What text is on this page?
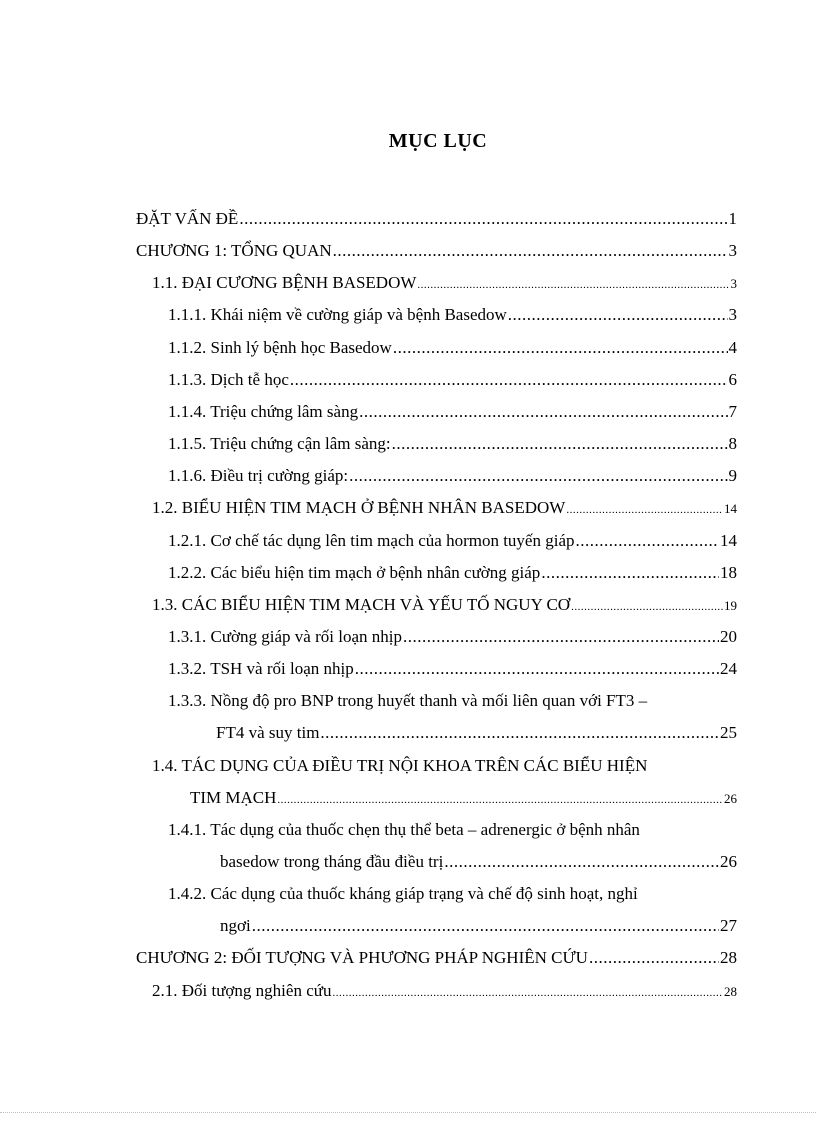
MỤC LỤC
ĐẶT VẤN ĐỀ .....	1
CHƯƠNG 1: TỔNG QUAN .....	3
1.1. ĐẠI CƯƠNG BỆNH BASEDOW .....	3
1.1.1. Khái niệm về cường giáp và bệnh Basedow .....	3
1.1.2. Sinh lý bệnh học Basedow .....	4
1.1.3. Dịch tễ học .....	6
1.1.4. Triệu chứng lâm sàng .....	7
1.1.5. Triệu chứng cận lâm sàng: .....	8
1.1.6. Điều trị cường giáp: .....	9
1.2. BIỂU HIỆN TIM MẠCH Ở BỆNH NHÂN BASEDOW .....	14
1.2.1. Cơ chế tác dụng lên tim mạch của hormon tuyến giáp .....	14
1.2.2. Các biểu hiện tim mạch ở bệnh nhân cường giáp .....	18
1.3. CÁC BIỂU HIỆN TIM MẠCH VÀ YẾU TỐ NGUY CƠ .....	19
1.3.1. Cường giáp và rối loạn nhịp .....	20
1.3.2. TSH và rối loạn nhịp .....	24
1.3.3. Nồng độ pro BNP trong huyết thanh và mối liên quan với FT3 –
FT4 và suy tim .....	25
1.4. TÁC DỤNG CỦA ĐIỀU TRỊ NỘI KHOA TRÊN CÁC BIỂU HIỆN
TIM MẠCH .....	26
1.4.1. Tác dụng của thuốc chẹn thụ thể beta – adrenergic ở bệnh nhân
basedow trong tháng đầu điều trị .....	26
1.4.2. Các dụng của thuốc kháng giáp trạng và chế độ sinh hoạt, nghỉ
ngơi .....	27
CHƯƠNG 2: ĐỐI TƯỢNG VÀ PHƯƠNG PHÁP NGHIÊN CỨU .....	28
2.1. Đối tượng nghiên cứu .....	28
